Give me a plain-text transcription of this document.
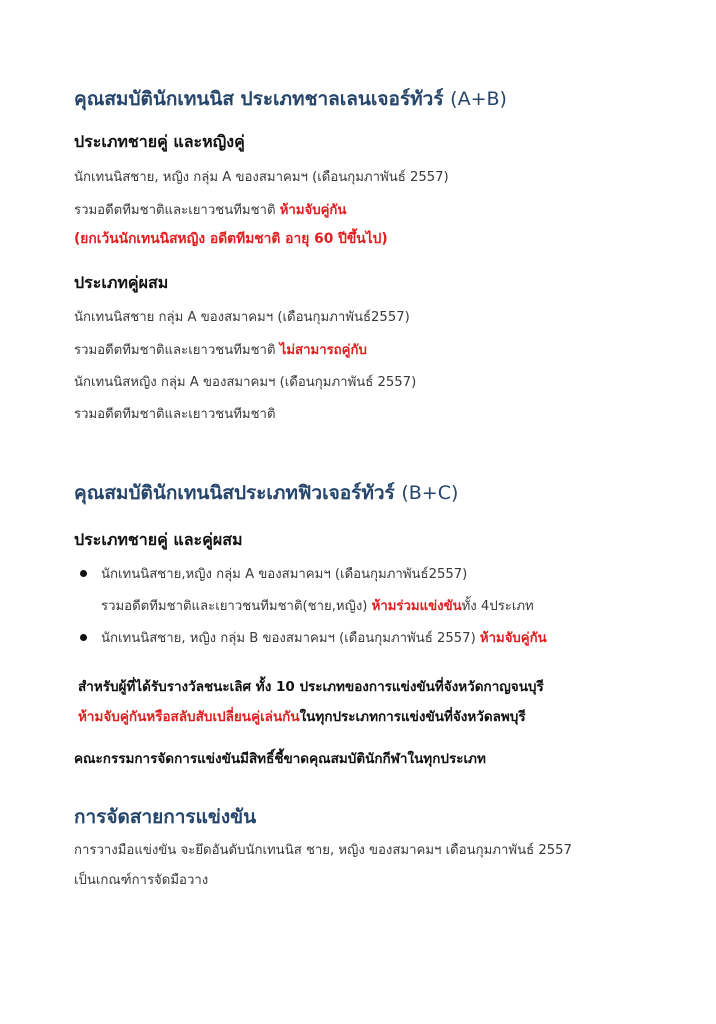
คุณสมบัตินักเทนนิส ประเภทชาลเลนเจอร์ทัวร์ (A+B)
ประเภทชายคู่ และหญิงคู่
นักเทนนิสชาย, หญิง กลุ่ม A ของสมาคมฯ (เดือนกุมภาพันธ์ 2557)
รวมอดีตทีมชาติและเยาวชนทีมชาติ ห้ามจับคู่กัน
(ยกเว้นนักเทนนิสหญิง อดีตทีมชาติ อายุ 60 ปีขึ้นไป)
ประเภทคู่ผสม
นักเทนนิสชาย กลุ่ม A ของสมาคมฯ (เดือนกุมภาพันธ์2557)
รวมอดีตทีมชาติและเยาวชนทีมชาติ ไม่สามารถคู่กับ
นักเทนนิสหญิง กลุ่ม A ของสมาคมฯ (เดือนกุมภาพันธ์ 2557)
รวมอดีตทีมชาติและเยาวชนทีมชาติ
คุณสมบัตินักเทนนิสประเภทฟิวเจอร์ทัวร์ (B+C)
ประเภทชายคู่ และคู่ผสม
นักเทนนิสชาย,หญิง กลุ่ม A ของสมาคมฯ (เดือนกุมภาพันธ์2557)
รวมอดีตทีมชาติและเยาวชนทีมชาติ(ชาย,หญิง) ห้ามร่วมแข่งขันทั้ง 4ประเภท
นักเทนนิสชาย, หญิง กลุ่ม B ของสมาคมฯ (เดือนกุมภาพันธ์ 2557) ห้ามจับคู่กัน
สำหรับผู้ที่ได้รับรางวัลชนะเลิศ ทั้ง 10 ประเภทของการแข่งขันที่จังหวัดกาญจนบุรี
ห้ามจับคู่กันหรือสลับสับเปลี่ยนคู่เล่นกันในทุกประเภทการแข่งขันที่จังหวัดลพบุรี
คณะกรรมการจัดการแข่งขันมีสิทธิ์ชี้ขาดคุณสมบัตินักกีฬาในทุกประเภท
การจัดสายการแข่งขัน
การวางมือแข่งขัน จะยึดอันดับนักเทนนิส ชาย, หญิง ของสมาคมฯ เดือนกุมภาพันธ์ 2557
เป็นเกณฑ์การจัดมือวาง
